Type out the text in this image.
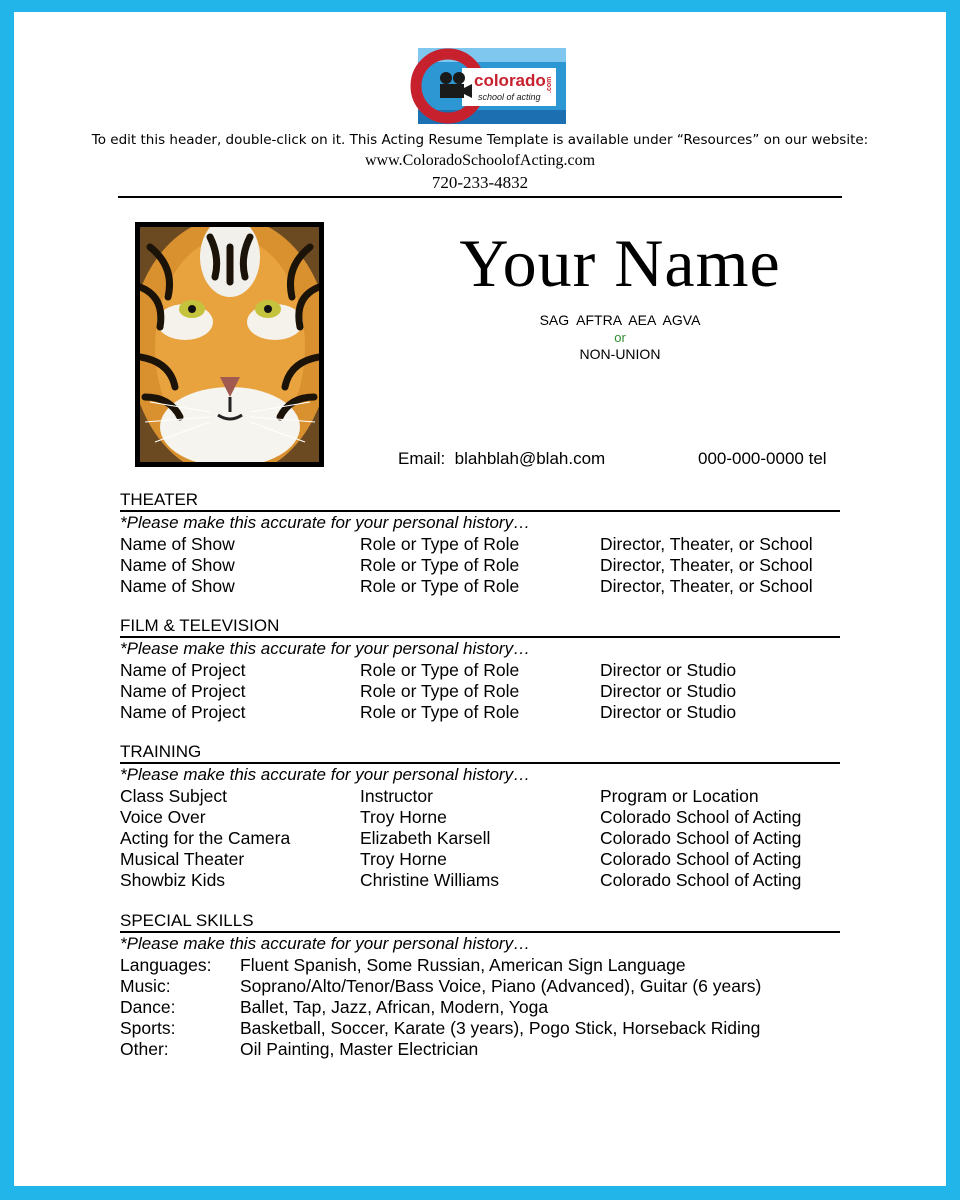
colorado .com
school of acting
To edit this header, double-click on it. This Acting Resume Template is available under “Resources” on our website:
www.ColoradoSchoolofActing.com
720-233-4832
Your Name
SAG  AFTRA  AEA  AGVA
or
NON-UNION
Email:  blahblah@blah.com	000-000-0000 tel
THEATER
*Please make this accurate for your personal history…
Name of Show	Role or Type of Role	Director, Theater, or School
Name of Show	Role or Type of Role	Director, Theater, or School
Name of Show	Role or Type of Role	Director, Theater, or School
FILM & TELEVISION
*Please make this accurate for your personal history…
Name of Project	Role or Type of Role	Director or Studio
Name of Project	Role or Type of Role	Director or Studio
Name of Project	Role or Type of Role	Director or Studio
TRAINING
*Please make this accurate for your personal history…
Class Subject	Instructor	Program or Location
Voice Over	Troy Horne	Colorado School of Acting
Acting for the Camera	Elizabeth Karsell	Colorado School of Acting
Musical Theater	Troy Horne	Colorado School of Acting
Showbiz Kids	Christine Williams	Colorado School of Acting
SPECIAL SKILLS
*Please make this accurate for your personal history…
Languages: Fluent Spanish, Some Russian, American Sign Language
Music:	Soprano/Alto/Tenor/Bass Voice, Piano (Advanced), Guitar (6 years)
Dance:	Ballet, Tap, Jazz, African, Modern, Yoga
Sports:	Basketball, Soccer, Karate (3 years), Pogo Stick, Horseback Riding
Other:	Oil Painting, Master Electrician
